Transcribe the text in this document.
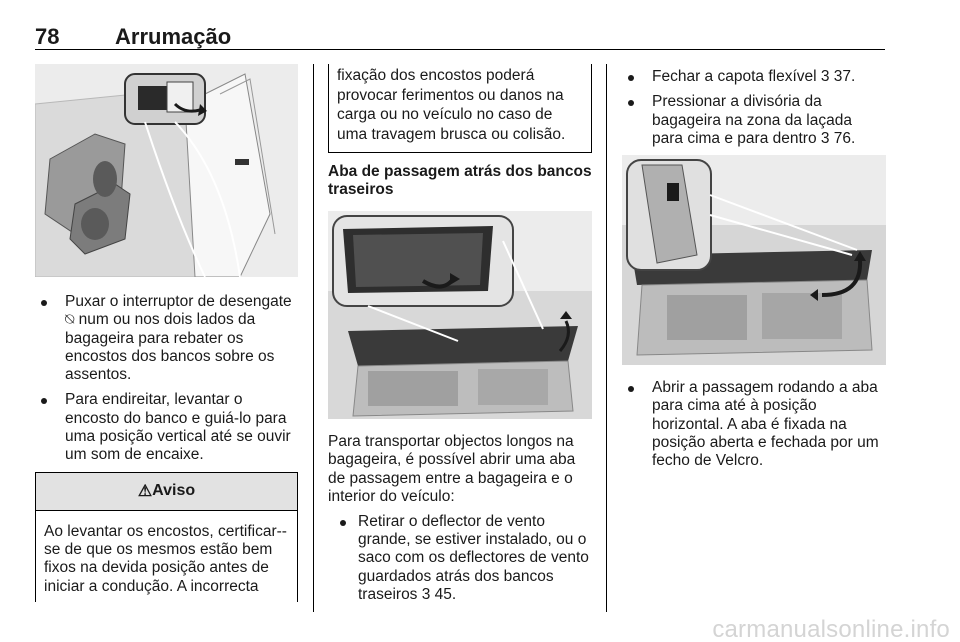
78	Arrumação
Puxar o interruptor de desengate ⍉ num ou nos dois lados da bagageira para rebater os encostos dos bancos sobre os assentos.
Para endireitar, levantar o encosto do banco e guiá-lo para uma posição vertical até se ouvir um som de encaixe.
⚠ Aviso
Ao levantar os encostos, certificar--se de que os mesmos estão bem fixos na devida posição antes de iniciar a condução. A incorrecta
fixação dos encostos poderá provocar ferimentos ou danos na carga ou no veículo no caso de uma travagem brusca ou colisão.
Aba de passagem atrás dos bancos traseiros
Para transportar objectos longos na bagageira, é possível abrir uma aba de passagem entre a bagageira e o interior do veículo:
Retirar o deflector de vento grande, se estiver instalado, ou o saco com os deflectores de vento guardados atrás dos bancos traseiros 3 45.
Fechar a capota flexível 3 37.
Pressionar a divisória da bagageira na zona da laçada para cima e para dentro 3 76.
Abrir a passagem rodando a aba para cima até à posição horizontal. A aba é fixada na posição aberta e fechada por um fecho de Velcro.
carmanualsonline.info
